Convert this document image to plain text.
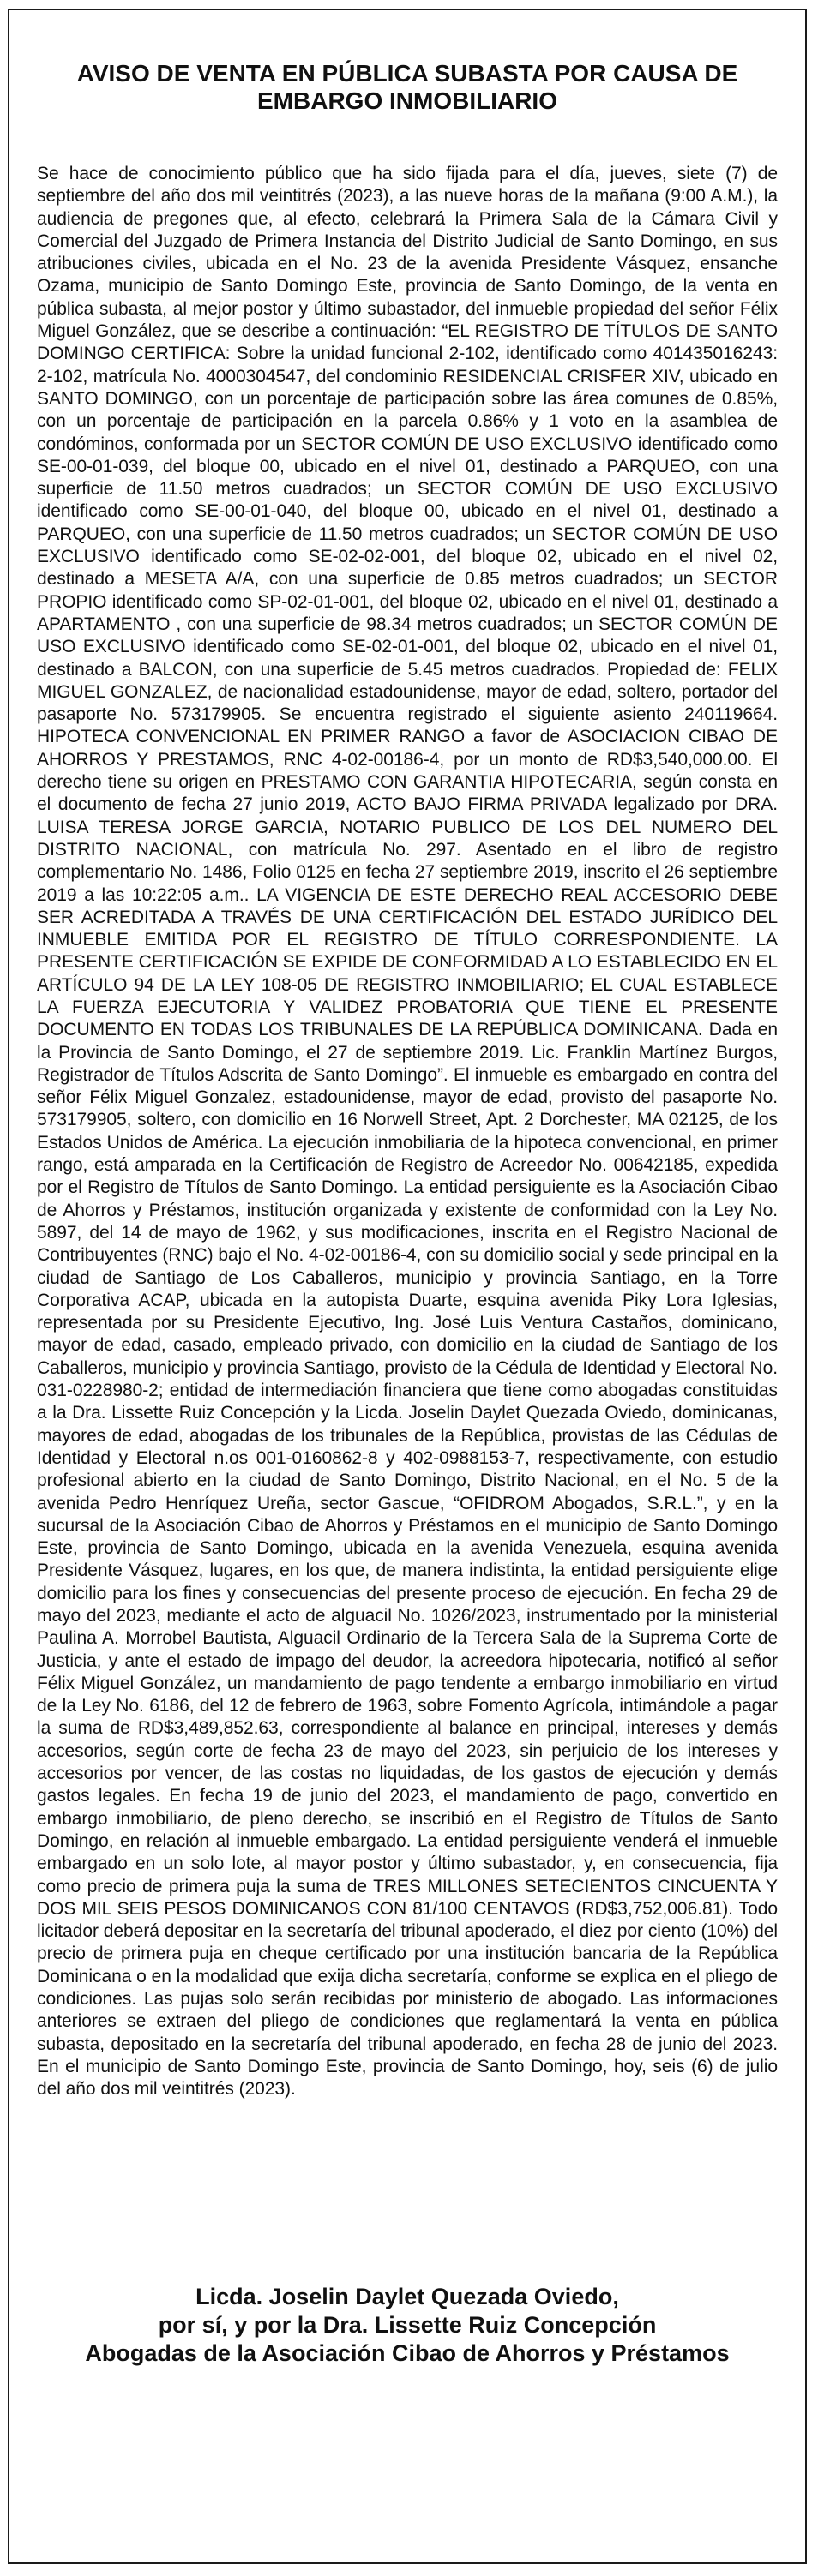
AVISO DE VENTA EN PÚBLICA SUBASTA POR CAUSA DE EMBARGO INMOBILIARIO

Se hace de conocimiento público que ha sido fijada para el día, jueves, siete (7) de septiembre del año dos mil veintitrés (2023), a las nueve horas de la mañana (9:00 A.M.), la audiencia de pregones que, al efecto, celebrará la Primera Sala de la Cámara Civil y Comercial del Juzgado de Primera Instancia del Distrito Judicial de Santo Domingo, en sus atribuciones civiles, ubicada en el No. 23 de la avenida Presidente Vásquez, ensanche Ozama, municipio de Santo Domingo Este, provincia de Santo Domingo, de la venta en pública subasta, al mejor postor y último subastador, del inmueble propiedad del señor Félix Miguel González, que se describe a continuación: “EL REGISTRO DE TÍTULOS DE SANTO DOMINGO CERTIFICA: Sobre la unidad funcional 2-102, identificado como 401435016243: 2-102, matrícula No. 4000304547, del condominio RESIDENCIAL CRISFER XIV, ubicado en SANTO DOMINGO, con un porcentaje de participación sobre las área comunes de 0.85%, con un porcentaje de participación en la parcela 0.86% y 1 voto en la asamblea de condóminos, conformada por un SECTOR COMÚN DE USO EXCLUSIVO identificado como SE-00-01-039, del bloque 00, ubicado en el nivel 01, destinado a PARQUEO, con una superficie de 11.50 metros cuadrados; un SECTOR COMÚN DE USO EXCLUSIVO identificado como SE-00-01-040, del bloque 00, ubicado en el nivel 01, destinado a PARQUEO, con una superficie de 11.50 metros cuadrados; un SECTOR COMÚN DE USO EXCLUSIVO identificado como SE-02-02-001, del bloque 02, ubicado en el nivel 02, destinado a MESETA A/A, con una superficie de 0.85 metros cuadrados; un SECTOR PROPIO identificado como SP-02-01-001, del bloque 02, ubicado en el nivel 01, destinado a APARTAMENTO , con una superficie de 98.34 metros cuadrados; un SECTOR COMÚN DE USO EXCLUSIVO identificado como SE-02-01-001, del bloque 02, ubicado en el nivel 01, destinado a BALCON, con una superficie de 5.45 metros cuadrados. Propiedad de: FELIX MIGUEL GONZALEZ, de nacionalidad estadounidense, mayor de edad, soltero, portador del pasaporte No. 573179905. Se encuentra registrado el siguiente asiento 240119664. HIPOTECA CONVENCIONAL EN PRIMER RANGO a favor de ASOCIACION CIBAO DE AHORROS Y PRESTAMOS, RNC 4-02-00186-4, por un monto de RD$3,540,000.00. El derecho tiene su origen en PRESTAMO CON GARANTIA HIPOTECARIA, según consta en el documento de fecha 27 junio 2019, ACTO BAJO FIRMA PRIVADA legalizado por DRA. LUISA TERESA JORGE GARCIA, NOTARIO PUBLICO DE LOS DEL NUMERO DEL DISTRITO NACIONAL, con matrícula No. 297. Asentado en el libro de registro complementario No. 1486, Folio 0125 en fecha 27 septiembre 2019, inscrito el 26 septiembre 2019 a las 10:22:05 a.m.. LA VIGENCIA DE ESTE DERECHO REAL ACCESORIO DEBE SER ACREDITADA A TRAVÉS DE UNA CERTIFICACIÓN DEL ESTADO JURÍDICO DEL INMUEBLE EMITIDA POR EL REGISTRO DE TÍTULO CORRESPONDIENTE. LA PRESENTE CERTIFICACIÓN SE EXPIDE DE CONFORMIDAD A LO ESTABLECIDO EN EL ARTÍCULO 94 DE LA LEY 108-05 DE REGISTRO INMOBILIARIO; EL CUAL ESTABLECE LA FUERZA EJECUTORIA Y VALIDEZ PROBATORIA QUE TIENE EL PRESENTE DOCUMENTO EN TODAS LOS TRIBUNALES DE LA REPÚBLICA DOMINICANA. Dada en la Provincia de Santo Domingo, el 27 de septiembre 2019. Lic. Franklin Martínez Burgos, Registrador de Títulos Adscrita de Santo Domingo”. El inmueble es embargado en contra del señor Félix Miguel Gonzalez, estadounidense, mayor de edad, provisto del pasaporte No. 573179905, soltero, con domicilio en 16 Norwell Street, Apt. 2 Dorchester, MA 02125, de los Estados Unidos de América. La ejecución inmobiliaria de la hipoteca convencional, en primer rango, está amparada en la Certificación de Registro de Acreedor No. 00642185, expedida por el Registro de Títulos de Santo Domingo. La entidad persiguiente es la Asociación Cibao de Ahorros y Préstamos, institución organizada y existente de conformidad con la Ley No. 5897, del 14 de mayo de 1962, y sus modificaciones, inscrita en el Registro Nacional de Contribuyentes (RNC) bajo el No. 4-02-00186-4, con su domicilio social y sede principal en la ciudad de Santiago de Los Caballeros, municipio y provincia Santiago, en la Torre Corporativa ACAP, ubicada en la autopista Duarte, esquina avenida Piky Lora Iglesias, representada por su Presidente Ejecutivo, Ing. José Luis Ventura Castaños, dominicano, mayor de edad, casado, empleado privado, con domicilio en la ciudad de Santiago de los Caballeros, municipio y provincia Santiago, provisto de la Cédula de Identidad y Electoral No. 031-0228980-2; entidad de intermediación financiera que tiene como abogadas constituidas a la Dra. Lissette Ruiz Concepción y la Licda. Joselin Daylet Quezada Oviedo, dominicanas, mayores de edad, abogadas de los tribunales de la República, provistas de las Cédulas de Identidad y Electoral n.os 001-0160862-8 y 402-0988153-7, respectivamente, con estudio profesional abierto en la ciudad de Santo Domingo, Distrito Nacional, en el No. 5 de la avenida Pedro Henríquez Ureña, sector Gascue, “OFIDROM Abogados, S.R.L.”, y en la sucursal de la Asociación Cibao de Ahorros y Préstamos en el municipio de Santo Domingo Este, provincia de Santo Domingo, ubicada en la avenida Venezuela, esquina avenida Presidente Vásquez, lugares, en los que, de manera indistinta, la entidad persiguiente elige domicilio para los fines y consecuencias del presente proceso de ejecución. En fecha 29 de mayo del 2023, mediante el acto de alguacil No. 1026/2023, instrumentado por la ministerial Paulina A. Morrobel Bautista, Alguacil Ordinario de la Tercera Sala de la Suprema Corte de Justicia, y ante el estado de impago del deudor, la acreedora hipotecaria, notificó al señor Félix Miguel González, un mandamiento de pago tendente a embargo inmobiliario en virtud de la Ley No. 6186, del 12 de febrero de 1963, sobre Fomento Agrícola, intimándole a pagar la suma de RD$3,489,852.63, correspondiente al balance en principal, intereses y demás accesorios, según corte de fecha 23 de mayo del 2023, sin perjuicio de los intereses y accesorios por vencer, de las costas no liquidadas, de los gastos de ejecución y demás gastos legales. En fecha 19 de junio del 2023, el mandamiento de pago, convertido en embargo inmobiliario, de pleno derecho, se inscribió en el Registro de Títulos de Santo Domingo, en relación al inmueble embargado. La entidad persiguiente venderá el inmueble embargado en un solo lote, al mayor postor y último subastador, y, en consecuencia, fija como precio de primera puja la suma de TRES MILLONES SETECIENTOS CINCUENTA Y DOS MIL SEIS PESOS DOMINICANOS CON 81/100 CENTAVOS (RD$3,752,006.81). Todo licitador deberá depositar en la secretaría del tribunal apoderado, el diez por ciento (10%) del precio de primera puja en cheque certificado por una institución bancaria de la República Dominicana o en la modalidad que exija dicha secretaría, conforme se explica en el pliego de condiciones. Las pujas solo serán recibidas por ministerio de abogado. Las informaciones anteriores se extraen del pliego de condiciones que reglamentará la venta en pública subasta, depositado en la secretaría del tribunal apoderado, en fecha 28 de junio del 2023. En el municipio de Santo Domingo Este, provincia de Santo Domingo, hoy, seis (6) de julio del año dos mil veintitrés (2023).

Licda. Joselin Daylet Quezada Oviedo,
por sí, y por la Dra. Lissette Ruiz Concepción
Abogadas de la Asociación Cibao de Ahorros y Préstamos
